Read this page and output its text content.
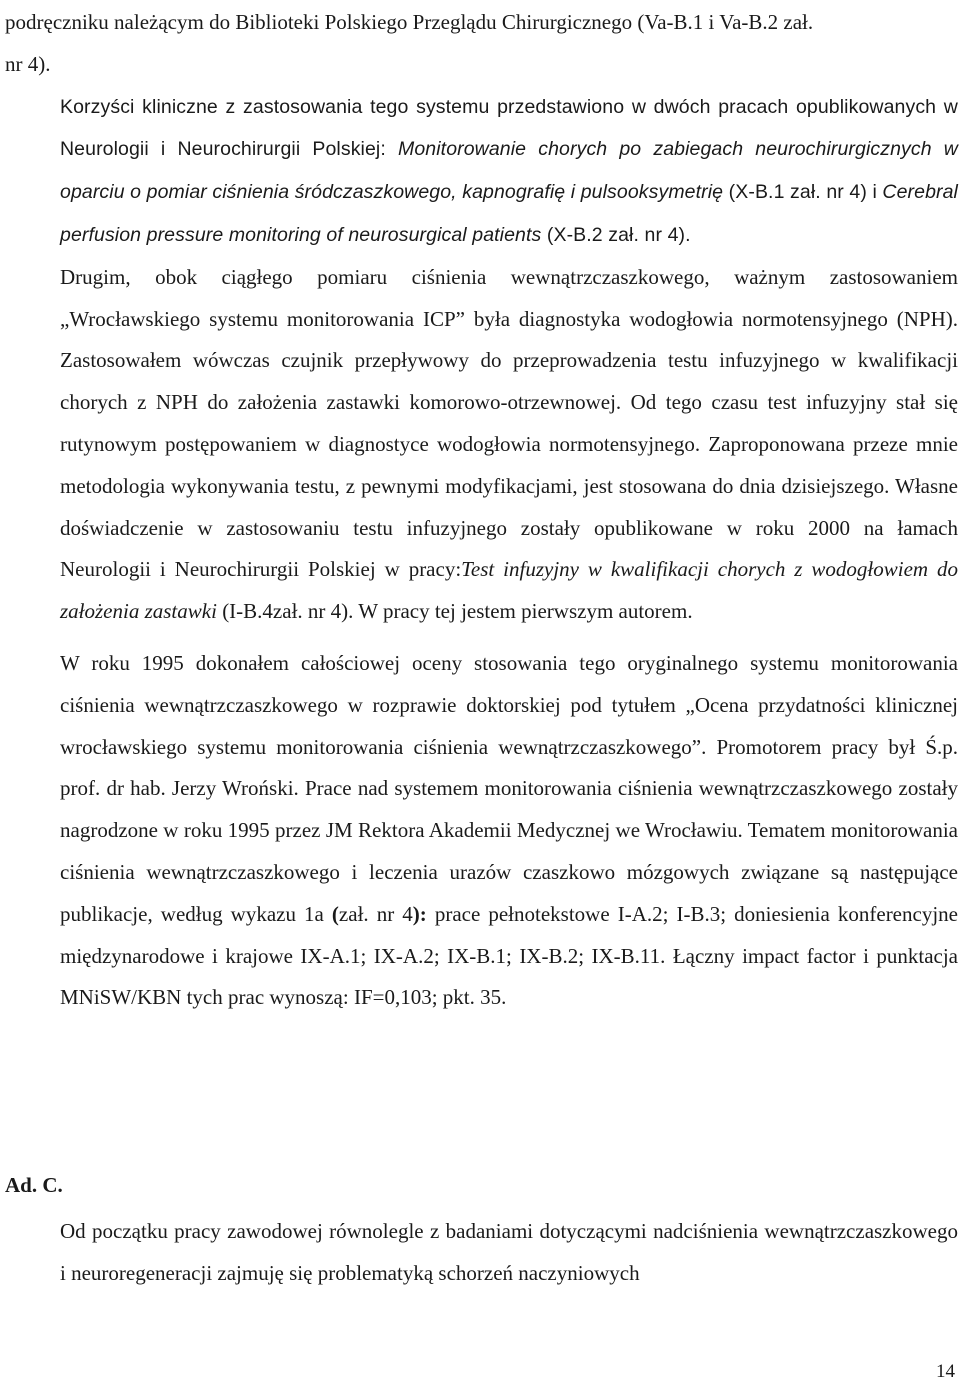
podręczniku należącym do Biblioteki Polskiego Przeglądu Chirurgicznego (Va-B.1 i Va-B.2 zał.
nr 4).

Korzyści kliniczne z zastosowania tego systemu przedstawiono w dwóch pracach opublikowanych w Neurologii i Neurochirurgii Polskiej: Monitorowanie chorych po zabiegach neurochirurgicznych w oparciu o pomiar ciśnienia śródczaszkowego, kapnografię i pulsooksymetrię (X-B.1 zał. nr 4) i Cerebral perfusion pressure monitoring of neurosurgical patients (X-B.2 zał. nr 4).

Drugim, obok ciągłego pomiaru ciśnienia wewnątrzczaszkowego, ważnym zastosowaniem „Wrocławskiego systemu monitorowania ICP” była diagnostyka wodogłowia normotensyjnego (NPH). Zastosowałem wówczas czujnik przepływowy do przeprowadzenia testu infuzyjnego w kwalifikacji chorych z NPH do założenia zastawki komorowo-otrzewnowej. Od tego czasu test infuzyjny stał się rutynowym postępowaniem w diagnostyce wodogłowia normotensyjnego. Zaproponowana przeze mnie metodologia wykonywania testu, z pewnymi modyfikacjami, jest stosowana do dnia dzisiejszego. Własne doświadczenie w zastosowaniu testu infuzyjnego zostały opublikowane w roku 2000 na łamach Neurologii i Neurochirurgii Polskiej w pracy:Test infuzyjny w kwalifikacji chorych z wodogłowiem do założenia zastawki (I-B.4zał. nr 4). W pracy tej jestem pierwszym autorem.

W roku 1995 dokonałem całościowej oceny stosowania tego oryginalnego systemu monitorowania ciśnienia wewnątrzczaszkowego w rozprawie doktorskiej pod tytułem „Ocena przydatności klinicznej wrocławskiego systemu monitorowania ciśnienia wewnątrzczaszkowego”. Promotorem pracy był Ś.p. prof. dr hab. Jerzy Wroński. Prace nad systemem monitorowania ciśnienia wewnątrzczaszkowego zostały nagrodzone w roku 1995 przez JM Rektora Akademii Medycznej we Wrocławiu. Tematem monitorowania ciśnienia wewnątrzczaszkowego i leczenia urazów czaszkowo mózgowych związane są następujące publikacje, według wykazu 1a (zał. nr 4): prace pełnotekstowe I-A.2; I-B.3; doniesienia konferencyjne międzynarodowe i krajowe IX-A.1; IX-A.2; IX-B.1; IX-B.2; IX-B.11. Łączny impact factor i punktacja MNiSW/KBN tych prac wynoszą: IF=0,103; pkt. 35.

Ad. C.

Od początku pracy zawodowej równolegle z badaniami dotyczącymi nadciśnienia wewnątrzczaszkowego i neuroregeneracji zajmuję się problematyką schorzeń naczyniowych

14
